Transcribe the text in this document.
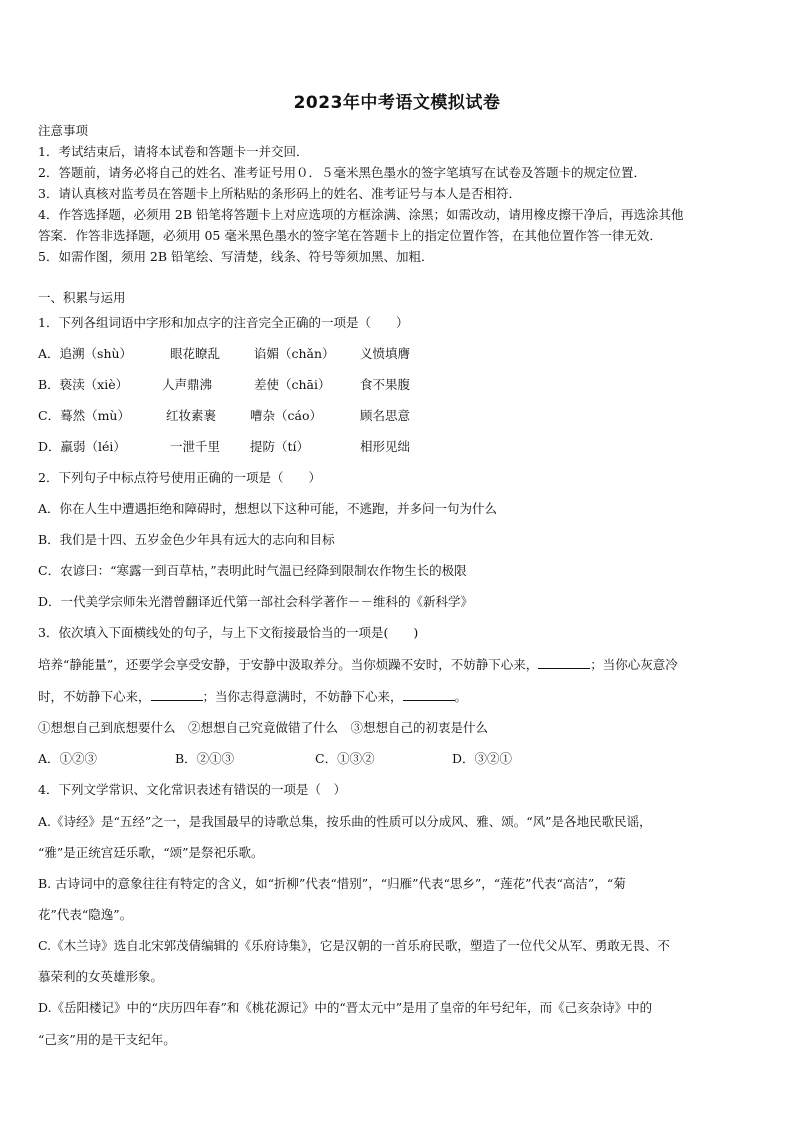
2023年中考语文模拟试卷
注意事项
1．考试结束后，请将本试卷和答题卡一并交回．
2．答题前，请务必将自己的姓名、准考证号用０．５毫米黑色墨水的签字笔填写在试卷及答题卡的规定位置．
3．请认真核对监考员在答题卡上所粘贴的条形码上的姓名、准考证号与本人是否相符．
4．作答选择题，必须用 2B 铅笔将答题卡上对应选项的方框涂满、涂黑；如需改动，请用橡皮擦干净后，再选涂其他
答案．作答非选择题，必须用 05 毫米黑色墨水的签字笔在答题卡上的指定位置作答，在其他位置作答一律无效．
5．如需作图，须用 2B 铅笔绘、写清楚，线条、符号等须加黑、加粗．
一、积累与运用
1．下列各组词语中字形和加点字的注音完全正确的一项是（　　）
A．追溯（shù）	眼花瞭乱	谄媚（chǎn） 义愤填膺
B．亵渎（xiè）	人声鼎沸	差使（chāi） 食不果腹
C．蓦然（mù）	红妆素裹	嘈杂（cáo）	顾名思意
D．羸弱（léi）	一泄千里 提防（tí）	相形见绌
2．下列句子中标点符号使用正确的一项是（　　）
A．你在人生中遭遇拒绝和障碍时，想想以下这种可能，不逃跑，并多问一句为什么
B．我们是十四、五岁金色少年具有远大的志向和目标
C．农谚曰：“寒露一到百草枯，”表明此时气温已经降到限制农作物生长的极限
D．一代美学宗师朱光潜曾翻译近代第一部社会科学著作－－维科的《新科学》
3．依次填入下面横线处的句子，与上下文衔接最恰当的一项是(　　)
培养“静能量”，还要学会享受安静，于安静中汲取养分。当你烦躁不安时，不妨静下心来，	；当你心灰意冷
时，不妨静下心来，	；当你志得意满时，不妨静下心来，	。
①想想自己到底想要什么　②想想自己究竟做错了什么　③想想自己的初衷是什么
A．①②③	B．②①③	C．①③②	D．③②①
4．下列文学常识、文化常识表述有错误的一项是（　）
A.《诗经》是“五经”之一，是我国最早的诗歌总集，按乐曲的性质可以分成风、雅、颂。“风”是各地民歌民谣，
“雅”是正统宫廷乐歌，“颂”是祭祀乐歌。
B. 古诗词中的意象往往有特定的含义，如“折柳”代表“惜别”，“归雁”代表“思乡”，“莲花”代表“高洁”，“菊
花”代表“隐逸”。
C.《木兰诗》选自北宋郭茂倩编辑的《乐府诗集》，它是汉朝的一首乐府民歌，塑造了一位代父从军、勇敢无畏、不
慕荣利的女英雄形象。
D.《岳阳楼记》中的“庆历四年春”和《桃花源记》中的“晋太元中”是用了皇帝的年号纪年，而《己亥杂诗》中的
“己亥”用的是干支纪年。
